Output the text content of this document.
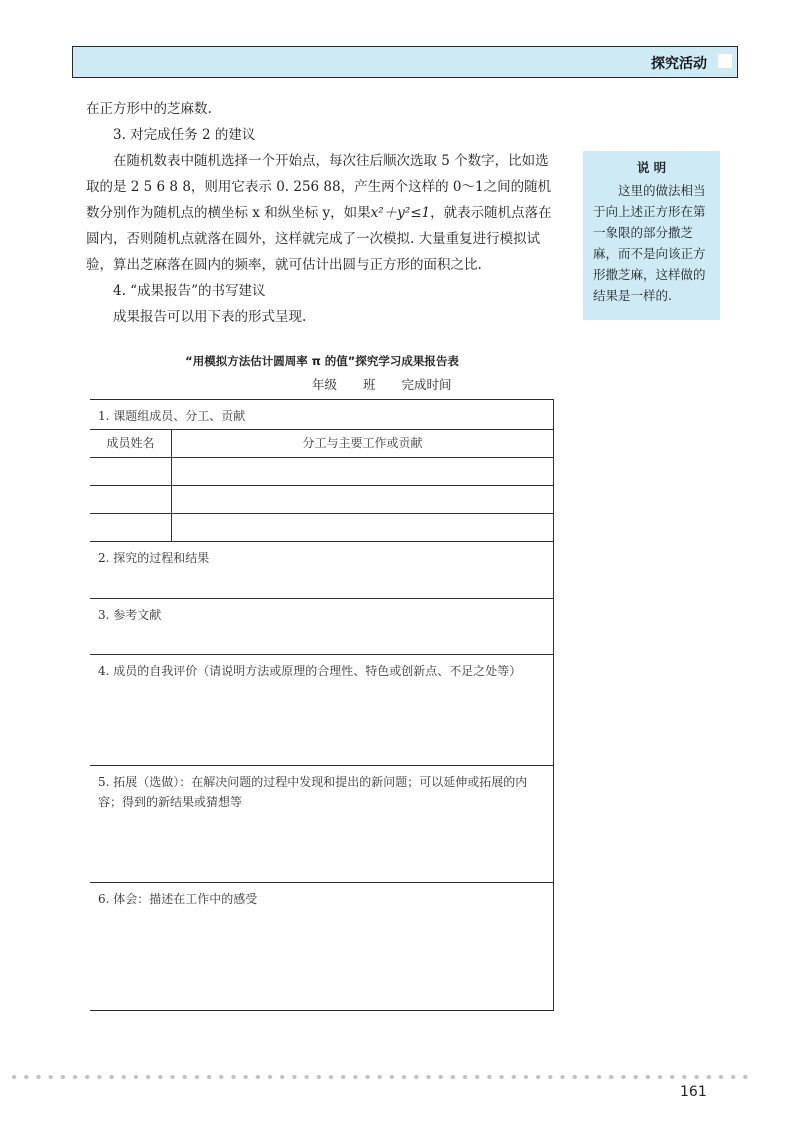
探究活动

在正方形中的芝麻数.

3. 对完成任务 2 的建议

在随机数表中随机选择一个开始点，每次往后顺次选取 5 个数字，比如选取的是 2 5 6 8 8，则用它表示 0. 256 88，产生两个这样的 0～1之间的随机数分别作为随机点的横坐标 x 和纵坐标 y，如果x²＋y²≤1，就表示随机点落在圆内，否则随机点就落在圆外，这样就完成了一次模拟. 大量重复进行模拟试验，算出芝麻落在圆内的频率，就可估计出圆与正方形的面积之比.

4. “成果报告”的书写建议

成果报告可以用下表的形式呈现.

说 明
这里的做法相当于向上述正方形在第一象限的部分撒芝麻，而不是向该正方形撒芝麻，这样做的结果是一样的.
“用模拟方法估计圆周率 π 的值”探究学习成果报告表
年级 班 完成时间
1. 课题组成员、分工、贡献
成员姓名	分工与主要工作或贡献
2. 探究的过程和结果
3. 参考文献
4. 成员的自我评价（请说明方法或原理的合理性、特色或创新点、不足之处等）
5. 拓展（选做）：在解决问题的过程中发现和提出的新问题；可以延伸或拓展的内容；得到的新结果或猜想等
6. 体会：描述在工作中的感受
161
